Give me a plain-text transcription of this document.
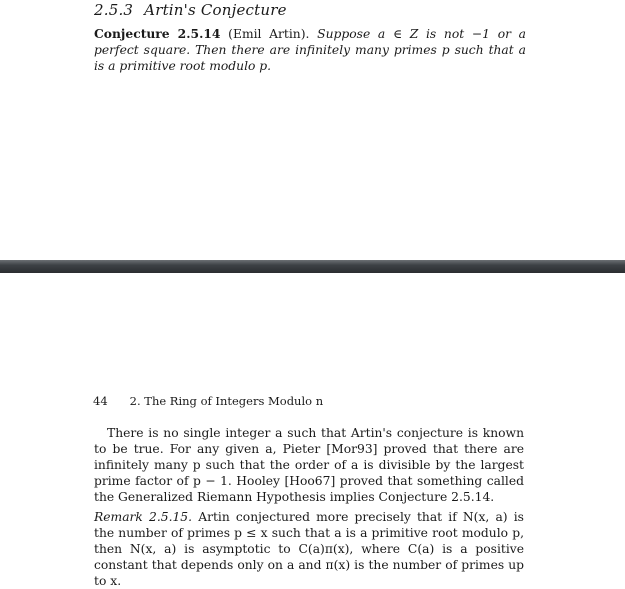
2.5.3 Artin's Conjecture
Conjecture 2.5.14 (Emil Artin). Suppose a ∈ Z is not −1 or a perfect square. Then there are infinitely many primes p such that a is a primitive root modulo p.
44 2. The Ring of Integers Modulo n
There is no single integer a such that Artin's conjecture is known to be true. For any given a, Pieter [Mor93] proved that there are infinitely many p such that the order of a is divisible by the largest prime factor of p − 1. Hooley [Hoo67] proved that something called the Generalized Riemann Hypothesis implies Conjecture 2.5.14.
Remark 2.5.15. Artin conjectured more precisely that if N(x, a) is the number of primes p ≤ x such that a is a primitive root modulo p, then N(x, a) is asymptotic to C(a)π(x), where C(a) is a positive constant that depends only on a and π(x) is the number of primes up to x.
